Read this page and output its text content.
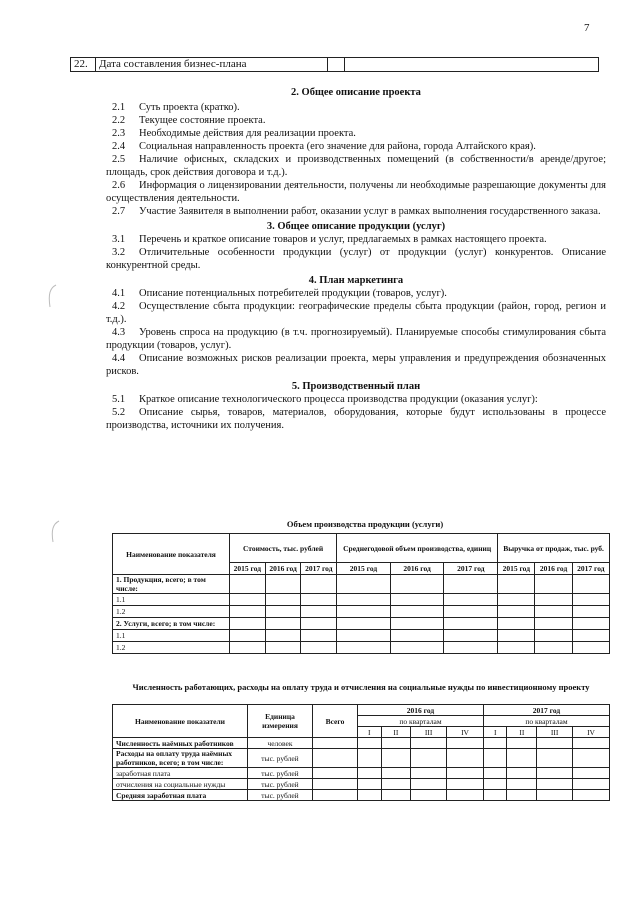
7
22.	Дата составления бизнес-плана		
2. Общее описание проекта
2.1 Суть проекта (кратко).
2.2 Текущее состояние проекта.
2.3 Необходимые действия для реализации проекта.
2.4 Социальная направленность проекта (его значение для района, города Алтайского края).
2.5 Наличие офисных, складских и производственных помещений (в собственности/в аренде/другое; площадь, срок действия договора и т.д.).
2.6 Информация о лицензировании деятельности, получены ли необходимые разрешающие документы для осуществления деятельности.
2.7 Участие Заявителя в выполнении работ, оказании услуг в рамках выполнения государственного заказа.
3. Общее описание продукции (услуг)
3.1 Перечень и краткое описание товаров и услуг, предлагаемых в рамках настоящего проекта.
3.2 Отличительные особенности продукции (услуг) от продукции (услуг) конкурентов. Описание конкурентной среды.
4. План маркетинга
4.1 Описание потенциальных потребителей продукции (товаров, услуг).
4.2 Осуществление сбыта продукции: географические пределы сбыта продукции (район, город, регион и т.д.).
4.3 Уровень спроса на продукцию (в т.ч. прогнозируемый). Планируемые способы стимулирования сбыта продукции (товаров, услуг).
4.4 Описание возможных рисков реализации проекта, меры управления и предупреждения обозначенных рисков.
5. Производственный план
5.1 Краткое описание технологического процесса производства продукции (оказания услуг):
5.2 Описание сырья, товаров, материалов, оборудования, которые будут использованы в процессе производства, источники их получения.
Объем производства продукции (услуги)
Наименование показателя	Стоимость, тыс. рублей			Среднегодовой объем производства, единиц			Выручка от продаж, тыс. руб.		
	2015 год	2016 год	2017 год	2015 год	2016 год	2017 год	2015 год	2016 год	2017 год
1. Продукция, всего; в том числе:									
1.1									
1.2									
2. Услуги, всего; в том числе:									
1.1									
1.2									
Численность работающих, расходы на оплату труда и отчисления на социальные нужды по инвестиционному проекту
Наименование показатели	Единица измерения	Всего	2016 год				2017 год			
			по кварталам				по кварталам			
			I	II	III	IV	I	II	III	IV
Численность наёмных работников	человек									
Расходы на оплату труда наёмных работников, всего; в том числе:	тыс. рублей									
заработная плата	тыс. рублей									
отчисления на социальные нужды	тыс. рублей									
Средняя заработная плата	тыс. рублей									
